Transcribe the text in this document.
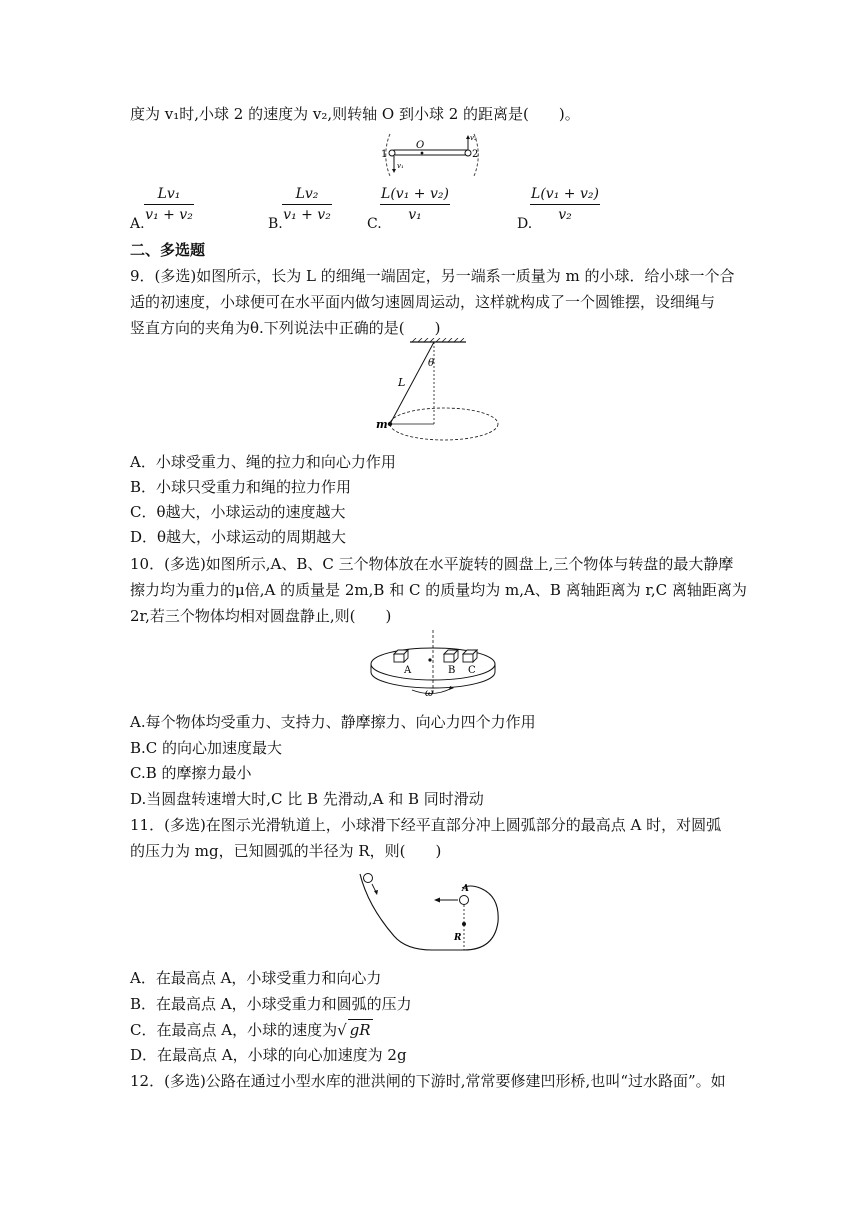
度为 v₁时,小球 2 的速度为 v₂,则转轴 O 到小球 2 的距离是(　　)。
1	2
O
v₁
v₂
A.
Lv₁
v₁ + v₂
B.
Lv₂
v₁ + v₂
C.
L(v₁ + v₂)
v₁
D.
L(v₁ + v₂)
v₂
二、多选题
9．(多选)如图所示，长为 L 的细绳一端固定，另一端系一质量为 m 的小球．给小球一个合
适的初速度，小球便可在水平面内做匀速圆周运动，这样就构成了一个圆锥摆，设细绳与
竖直方向的夹角为θ.下列说法中正确的是(　　)
θ
L
m
A．小球受重力、绳的拉力和向心力作用
B．小球只受重力和绳的拉力作用
C．θ越大，小球运动的速度越大
D．θ越大，小球运动的周期越大
10．(多选)如图所示,A、B、C 三个物体放在水平旋转的圆盘上,三个物体与转盘的最大静摩
擦力均为重力的μ倍,A 的质量是 2m,B 和 C 的质量均为 m,A、B 离轴距离为 r,C 离轴距离为
2r,若三个物体均相对圆盘静止,则(　　)
A	B C
ω
A.每个物体均受重力、支持力、静摩擦力、向心力四个力作用
B.C 的向心加速度最大
C.B 的摩擦力最小
D.当圆盘转速增大时,C 比 B 先滑动,A 和 B 同时滑动
11．(多选)在图示光滑轨道上，小球滑下经平直部分冲上圆弧部分的最高点 A 时，对圆弧
的压力为 mg，已知圆弧的半径为 R，则(　　)
A
R
A．在最高点 A，小球受重力和向心力
B．在最高点 A，小球受重力和圆弧的压力
C．在最高点 A，小球的速度为√ gR
D．在最高点 A，小球的向心加速度为 2g
12．(多选)公路在通过小型水库的泄洪闸的下游时,常常要修建凹形桥,也叫“过水路面”。如
